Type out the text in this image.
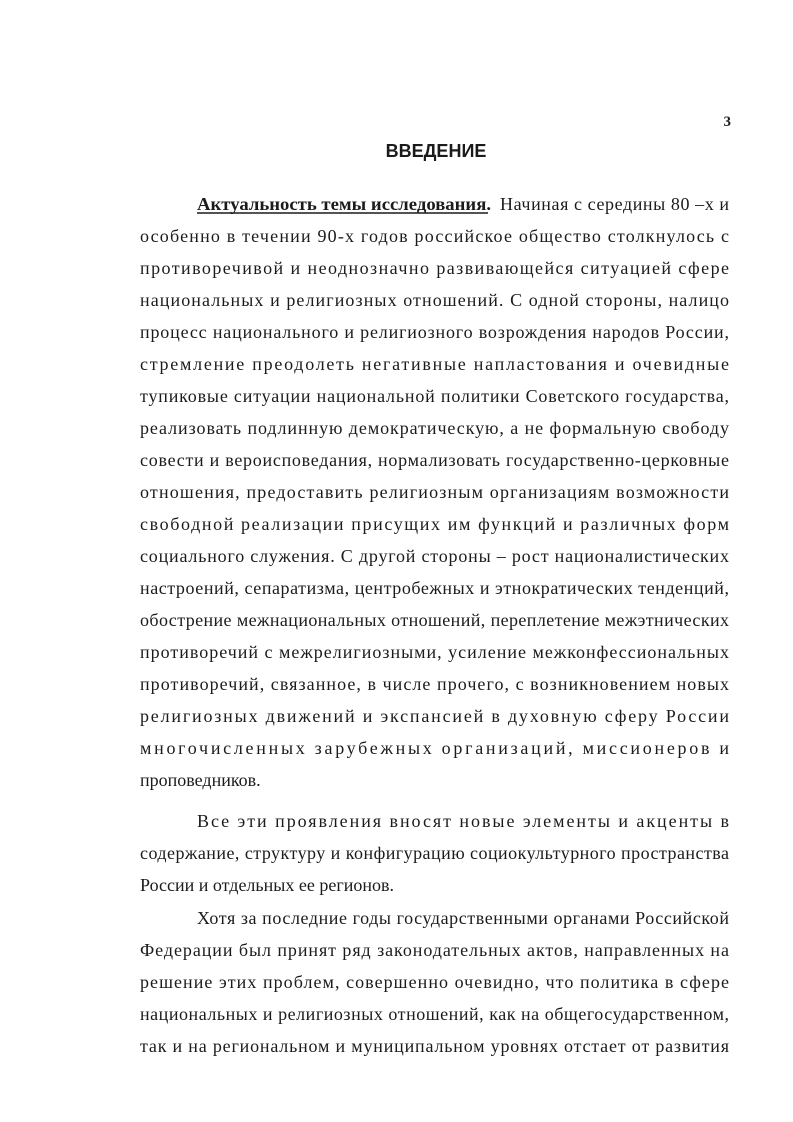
3
ВВЕДЕНИЕ
Актуальность темы исследования. Начиная с середины 80 –х и
особенно в течении 90-х годов российское общество столкнулось с
противоречивой и неоднозначно развивающейся ситуацией сфере
национальных и религиозных отношений. С одной стороны, налицо
процесс национального и религиозного возрождения народов России,
стремление преодолеть негативные напластования и очевидные
тупиковые ситуации национальной политики Советского государства,
реализовать подлинную демократическую, а не формальную свободу
совести и вероисповедания, нормализовать государственно-церковные
отношения, предоставить религиозным организациям возможности
свободной реализации присущих им функций и различных форм
социального служения. С другой стороны – рост националистических
настроений, сепаратизма, центробежных и этнократических тенденций,
обострение межнациональных отношений, переплетение межэтнических
противоречий с межрелигиозными, усиление межконфессиональных
противоречий, связанное, в числе прочего, с возникновением новых
религиозных движений и экспансией в духовную сферу России
многочисленных зарубежных организаций, миссионеров и
проповедников.
Все эти проявления вносят новые элементы и акценты в
содержание, структуру и конфигурацию социокультурного пространства
России и отдельных ее регионов.
Хотя за последние годы государственными органами Российской
Федерации был принят ряд законодательных актов, направленных на
решение этих проблем, совершенно очевидно, что политика в сфере
национальных и религиозных отношений, как на общегосударственном,
так и на региональном и муниципальном уровнях отстает от развития
